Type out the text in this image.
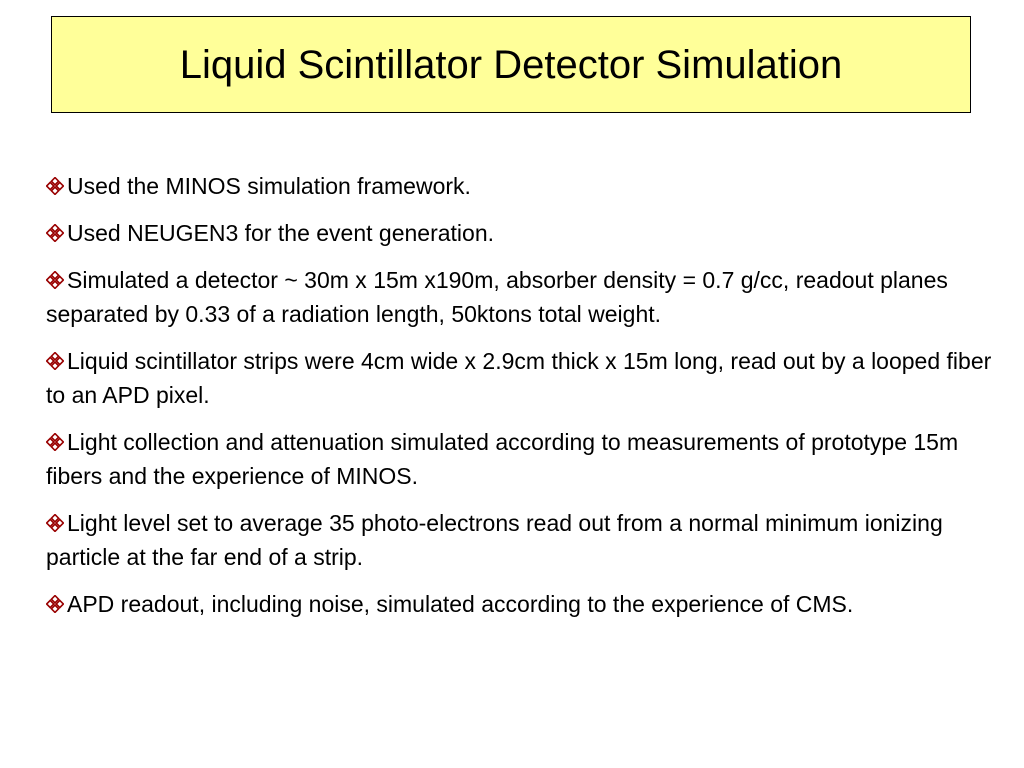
Liquid Scintillator Detector Simulation
Used the MINOS simulation framework.
Used NEUGEN3 for the event generation.
Simulated a detector ~ 30m x 15m x190m, absorber density = 0.7 g/cc, readout planes separated by 0.33 of a radiation length, 50ktons total weight.
Liquid scintillator strips were 4cm wide x 2.9cm thick x 15m long, read out by a looped fiber to an APD pixel.
Light collection and attenuation simulated according to measurements of prototype 15m fibers and the experience of MINOS.
Light level set to average 35 photo-electrons read out from a normal minimum ionizing particle at the far end of a strip.
APD readout, including noise, simulated according to the experience of CMS.
